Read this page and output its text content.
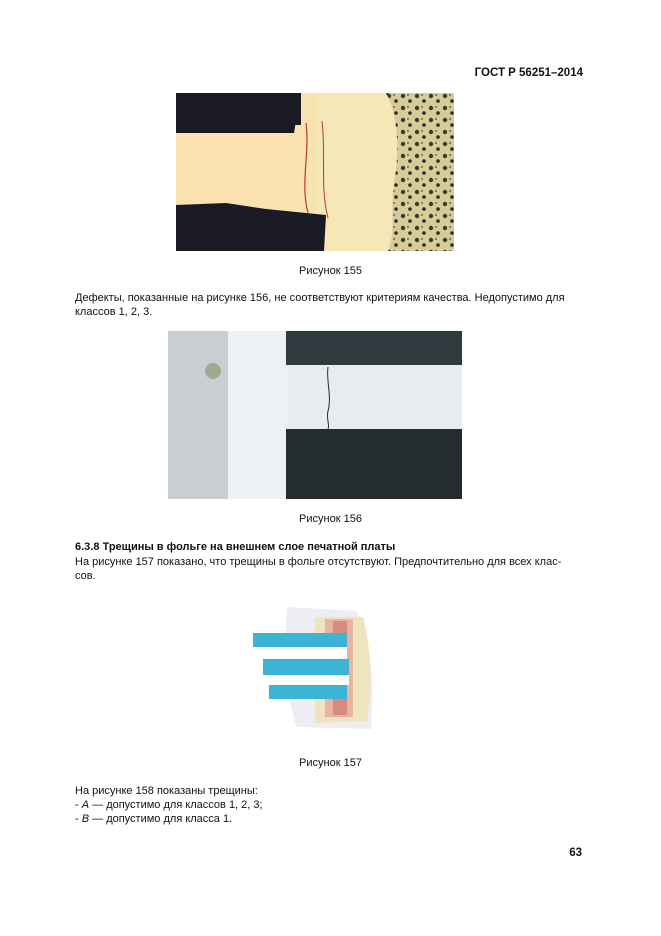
ГОСТ Р 56251–2014
Рисунок 155
Дефекты, показанные на рисунке 156, не соответствуют критериям качества. Недопустимо для
классов 1, 2, 3.
Рисунок 156
6.3.8 Трещины в фольге на внешнем слое печатной платы
На рисунке 157 показано, что трещины в фольге отсутствуют. Предпочтительно для всех клас-
сов.
Рисунок 157
На рисунке 158 показаны трещины:
- А — допустимо для классов 1, 2, 3;
- В — допустимо для класса 1.
63
